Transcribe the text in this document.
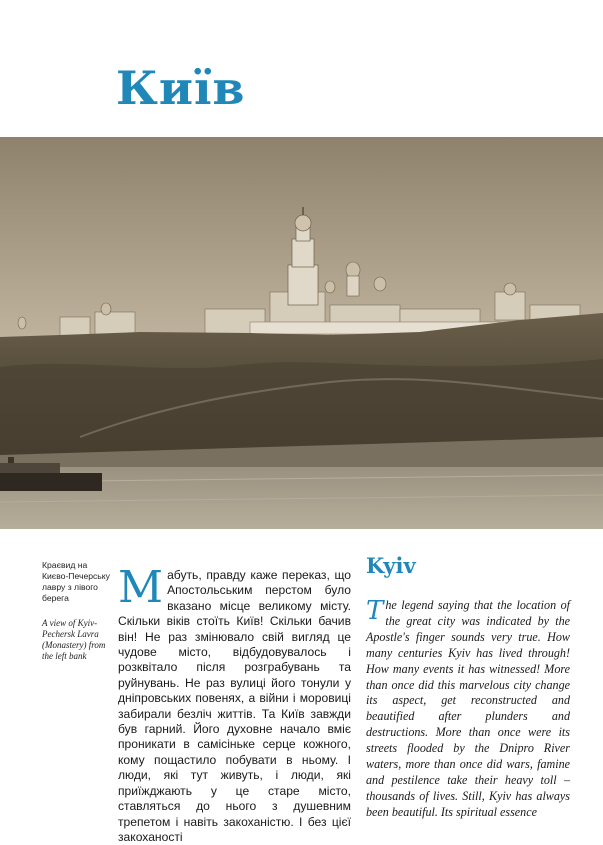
Київ
Краєвид на Києво-Печерську лавру з лівого берега
A view of Kyiv-Pechersk Lavra (Monastery) from the left bank
М абуть, правду каже переказ, що Апостольським перстом було вказано місце великому місту. Скільки віків стоїть Київ! Скільки бачив він! Не раз змінювало свій вигляд це чудове місто, відбудовувалось і розквітало після розграбувань та руйнувань. Не раз вулиці його тонули у дніпровських повенях, а війни і моровиці забирали безліч життів. Та Київ завжди був гарний. Його духовне начало вміє проникати в самісіньке серце кожного, кому пощастило побувати в ньому. І люди, які тут живуть, і люди, які приїжджають у це старе місто, ставляться до нього з душевним трепетом і навіть закоханістю. І без цієї закоханості
Kyiv
T he legend saying that the location of the great city was indicated by the Apostle's finger sounds very true. How many centuries Kyiv has lived through! How many events it has witnessed! More than once did this marvelous city change its aspect, get reconstructed and beautified after plunders and destructions. More than once were its streets flooded by the Dnipro River waters, more than once did wars, famine and pestilence take their heavy toll – thousands of lives. Still, Kyiv has always been beautiful. Its spiritual essence
